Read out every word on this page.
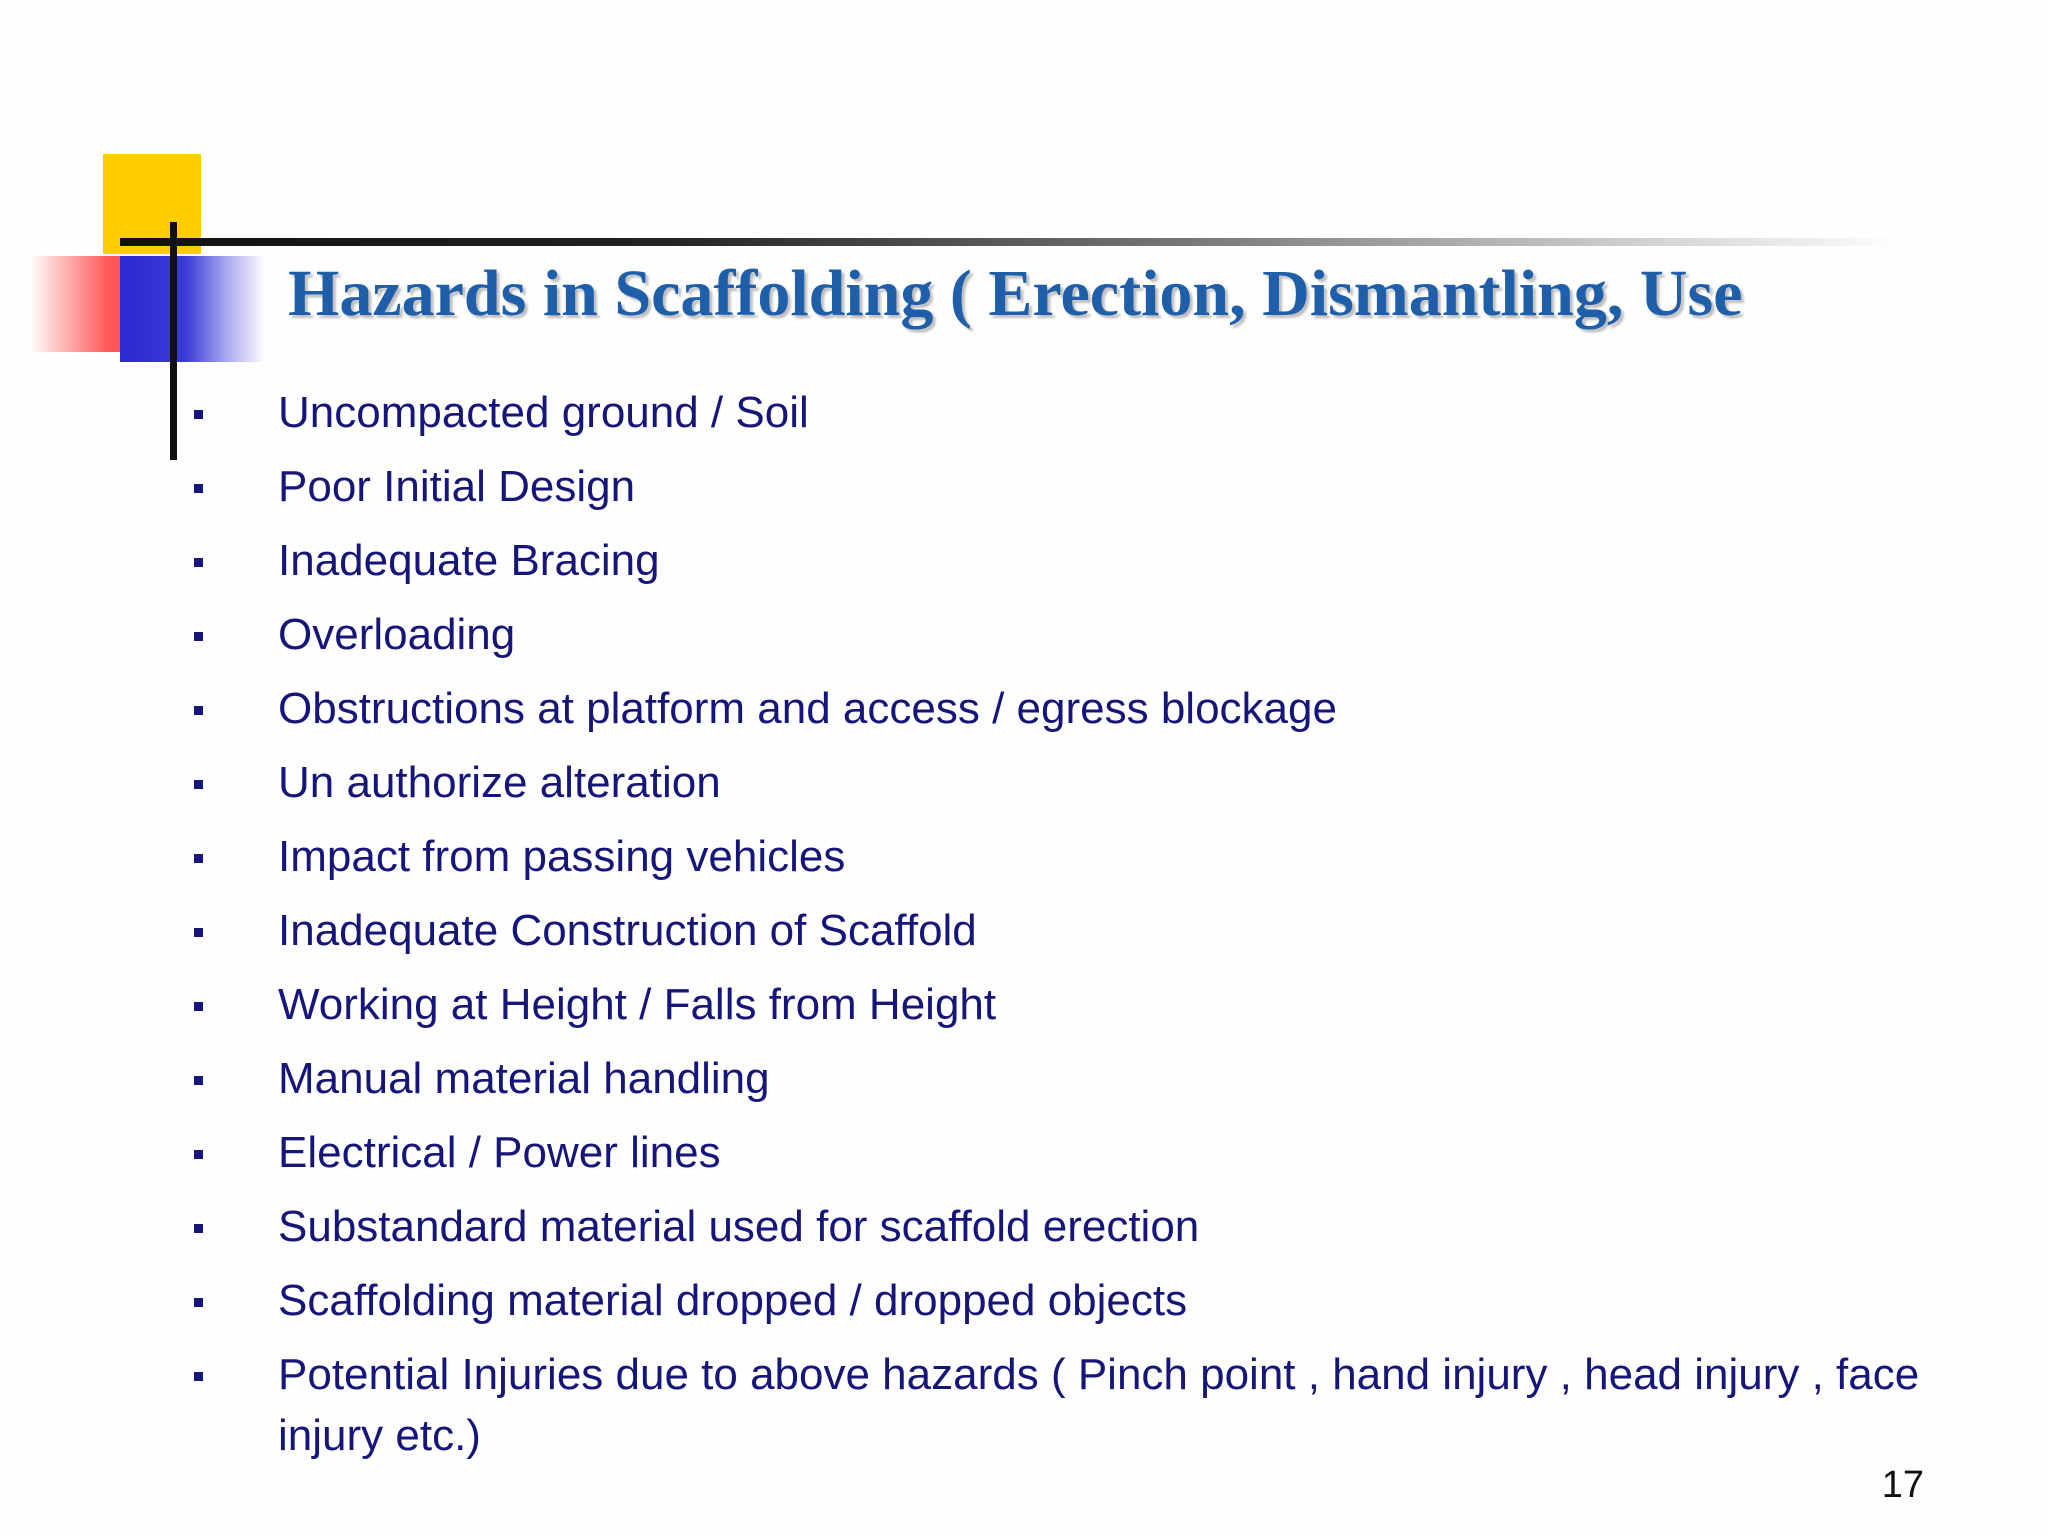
Hazards in Scaffolding ( Erection, Dismantling, Use
Uncompacted ground / Soil
Poor Initial Design
Inadequate Bracing
Overloading
Obstructions at platform and access / egress blockage
Un authorize alteration
Impact from passing vehicles
Inadequate Construction of Scaffold
Working at Height / Falls from Height
Manual material handling
Electrical / Power lines
Substandard material used for scaffold erection
Scaffolding material dropped / dropped objects
Potential Injuries due to above hazards ( Pinch point , hand injury , head injury , face injury etc.)
17
